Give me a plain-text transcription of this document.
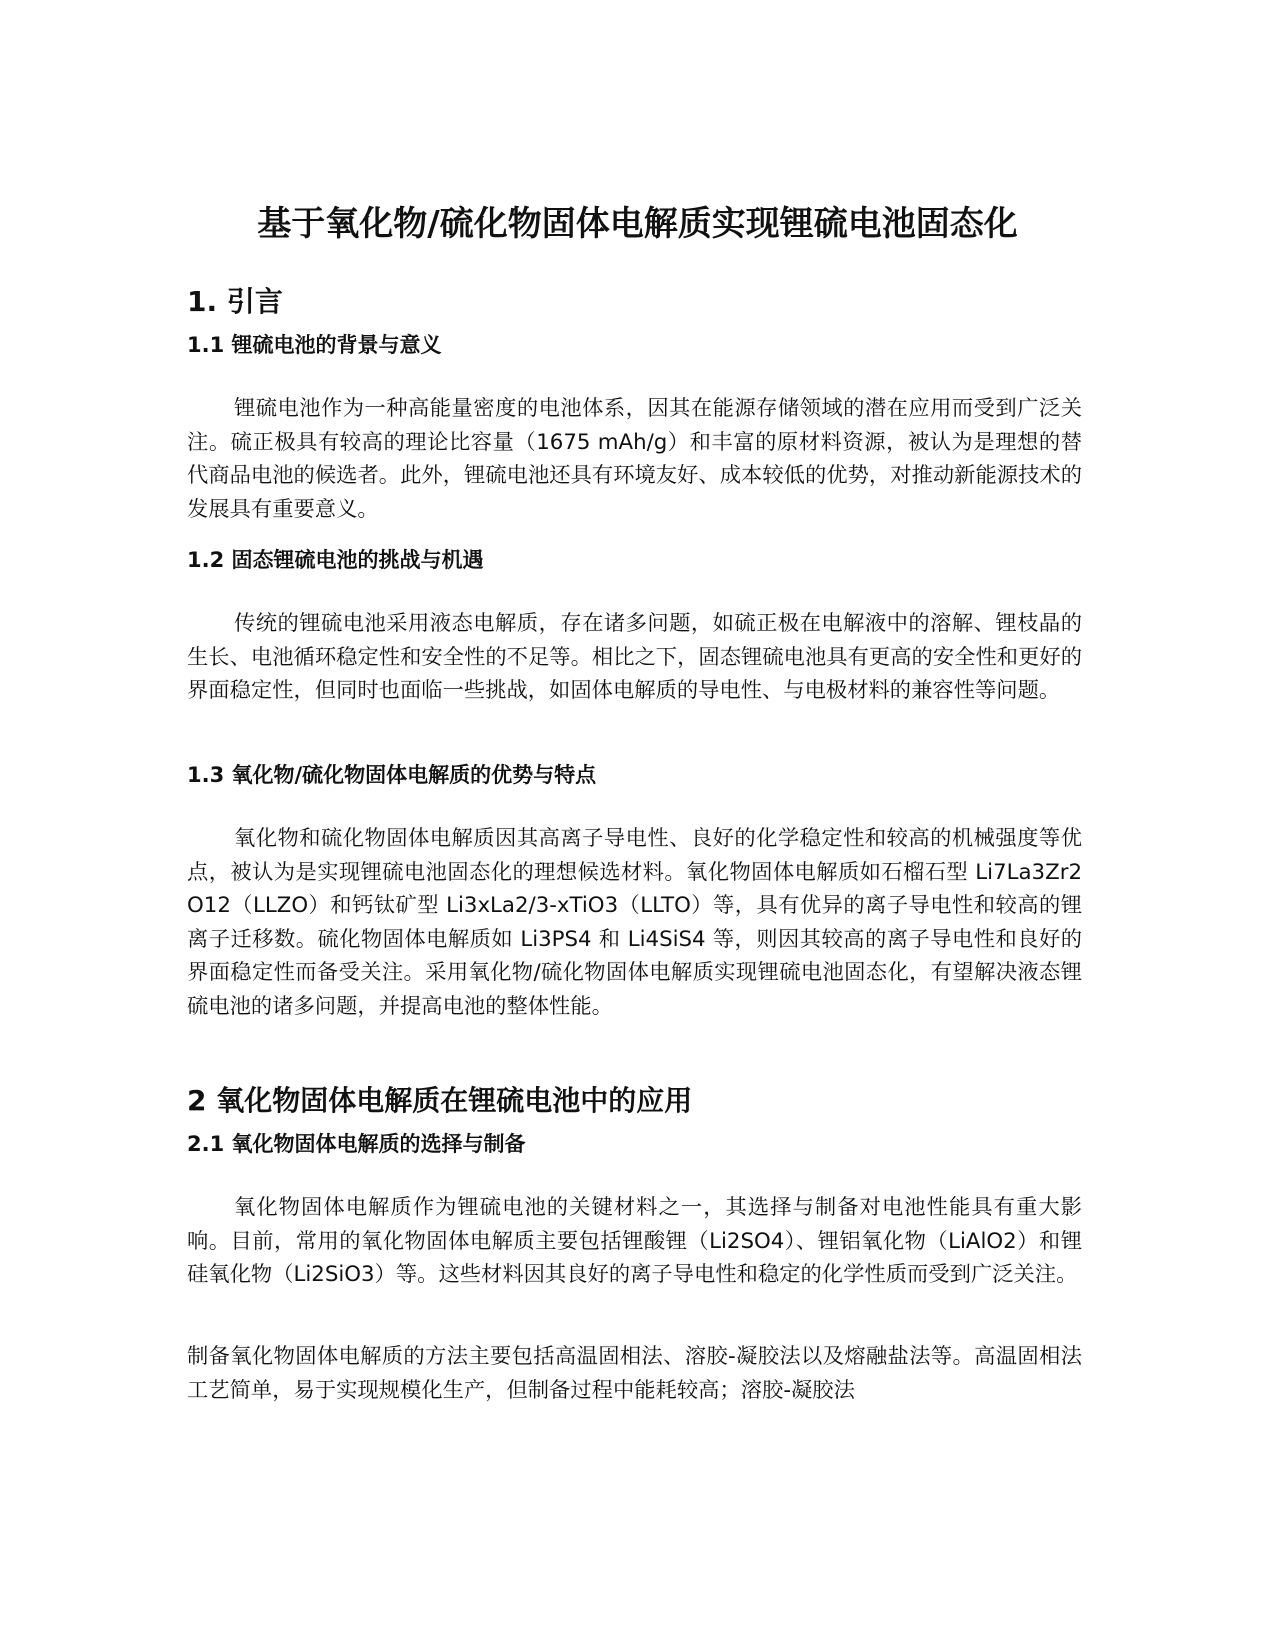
基于氧化物/硫化物固体电解质实现锂硫电池固态化
1. 引言
1.1 锂硫电池的背景与意义

锂硫电池作为一种高能量密度的电池体系，因其在能源存储领域的潜在应用而受到广泛关注。硫正极具有较高的理论比容量（1675 mAh/g）和丰富的原材料资源，被认为是理想的替代商品电池的候选者。此外，锂硫电池还具有环境友好、成本较低的优势，对推动新能源技术的发展具有重要意义。

1.2 固态锂硫电池的挑战与机遇

传统的锂硫电池采用液态电解质，存在诸多问题，如硫正极在电解液中的溶解、锂枝晶的生长、电池循环稳定性和安全性的不足等。相比之下，固态锂硫电池具有更高的安全性和更好的界面稳定性，但同时也面临一些挑战，如固体电解质的导电性、与电极材料的兼容性等问题。

1.3 氧化物/硫化物固体电解质的优势与特点

氧化物和硫化物固体电解质因其高离子导电性、良好的化学稳定性和较高的机械强度等优点，被认为是实现锂硫电池固态化的理想候选材料。氧化物固体电解质如石榴石型 Li7La3Zr2O12（LLZO）和钙钛矿型 Li3xLa2/3-xTiO3（LLTO）等，具有优异的离子导电性和较高的锂离子迁移数。硫化物固体电解质如 Li3PS4 和 Li4SiS4 等，则因其较高的离子导电性和良好的界面稳定性而备受关注。采用氧化物/硫化物固体电解质实现锂硫电池固态化，有望解决液态锂硫电池的诸多问题，并提高电池的整体性能。

2 氧化物固体电解质在锂硫电池中的应用
2.1 氧化物固体电解质的选择与制备

氧化物固体电解质作为锂硫电池的关键材料之一，其选择与制备对电池性能具有重大影响。目前，常用的氧化物固体电解质主要包括锂酸锂（Li2SO4）、锂铝氧化物（LiAlO2）和锂硅氧化物（Li2SiO3）等。这些材料因其良好的离子导电性和稳定的化学性质而受到广泛关注。

制备氧化物固体电解质的方法主要包括高温固相法、溶胶-凝胶法以及熔融盐法等。高温固相法工艺简单，易于实现规模化生产，但制备过程中能耗较高；溶胶-凝胶法
